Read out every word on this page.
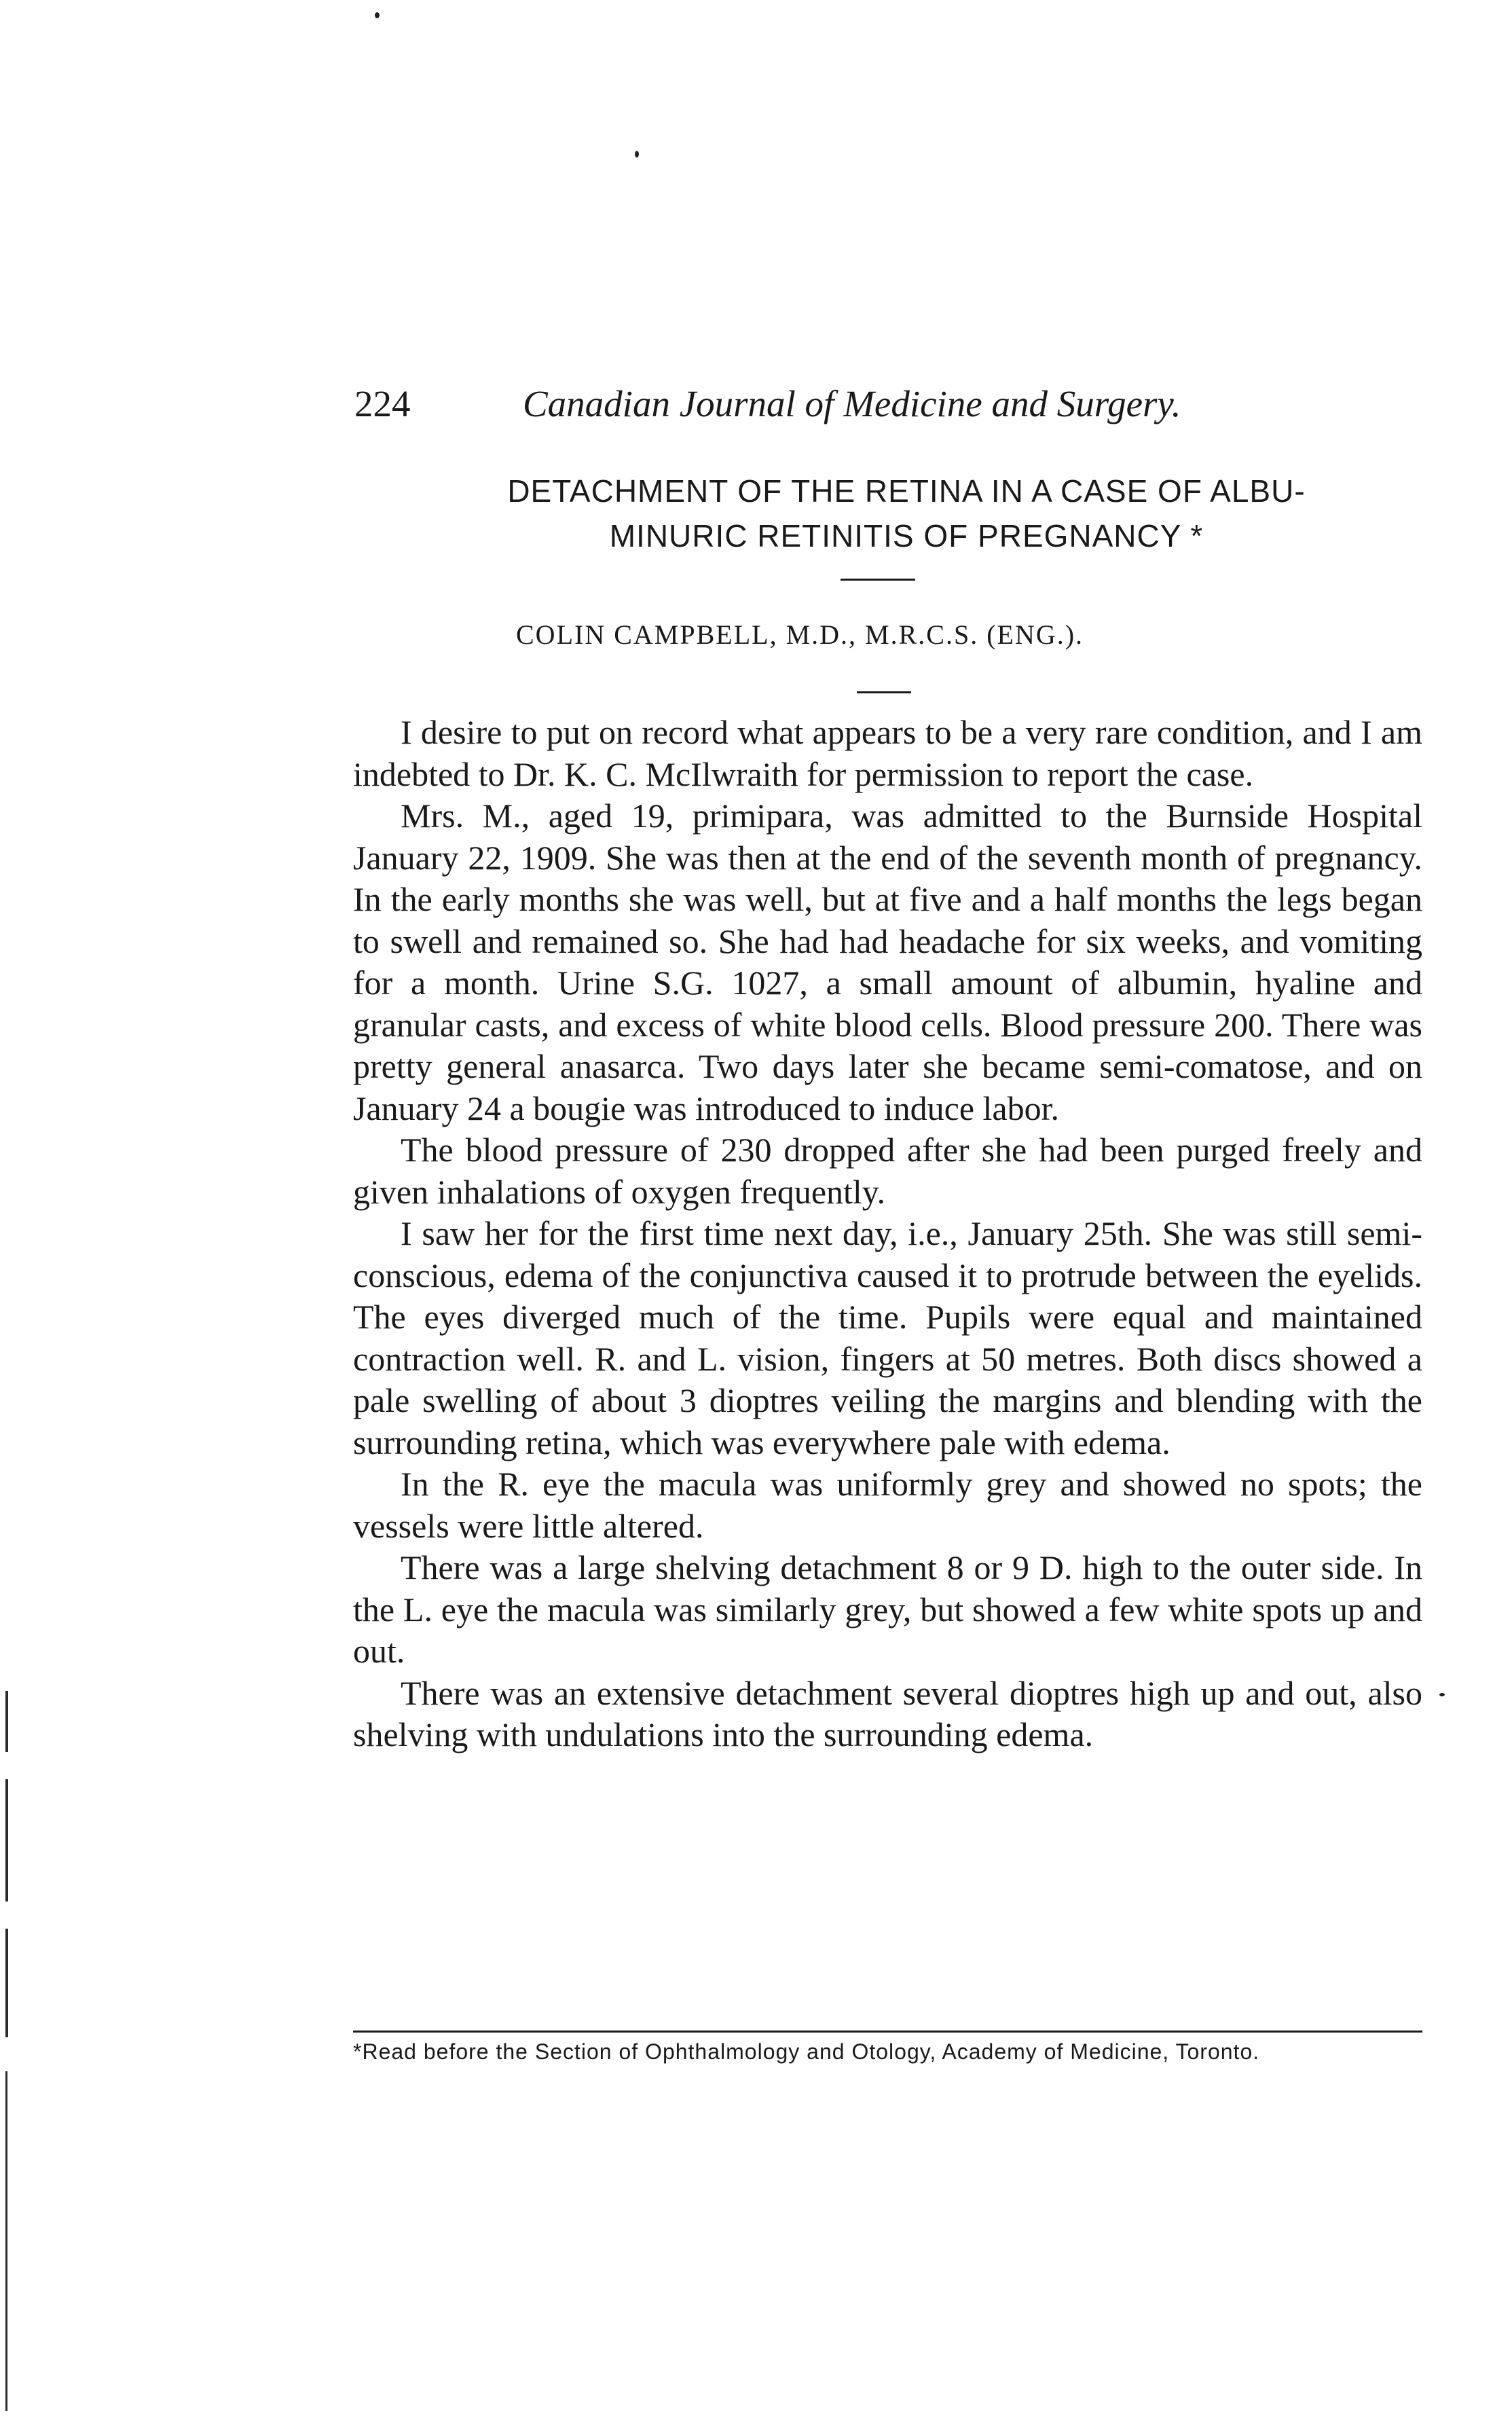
224	Canadian Journal of Medicine and Surgery.
DETACHMENT OF THE RETINA IN A CASE OF ALBU-
MINURIC RETINITIS OF PREGNANCY *
COLIN CAMPBELL, M.D., M.R.C.S. (ENG.).

I desire to put on record what appears to be a very rare condition, and I am indebted to Dr. K. C. McIlwraith for permission to report the case.

Mrs. M., aged 19, primipara, was admitted to the Burnside Hospital January 22, 1909. She was then at the end of the seventh month of pregnancy. In the early months she was well, but at five and a half months the legs began to swell and remained so. She had had headache for six weeks, and vomiting for a month. Urine S.G. 1027, a small amount of albumin, hyaline and granular casts, and excess of white blood cells. Blood pressure 200. There was pretty general anasarca. Two days later she became semi-comatose, and on January 24 a bougie was introduced to induce labor.

The blood pressure of 230 dropped after she had been purged freely and given inhalations of oxygen frequently.

I saw her for the first time next day, i.e., January 25th. She was still semi-conscious, edema of the conjunctiva caused it to protrude between the eyelids. The eyes diverged much of the time. Pupils were equal and maintained contraction well. R. and L. vision, fingers at 50 metres. Both discs showed a pale swelling of about 3 dioptres veiling the margins and blending with the surrounding retina, which was everywhere pale with edema.

In the R. eye the macula was uniformly grey and showed no spots; the vessels were little altered.

There was a large shelving detachment 8 or 9 D. high to the outer side. In the L. eye the macula was similarly grey, but showed a few white spots up and out.

There was an extensive detachment several dioptres high up and out, also shelving with undulations into the surrounding edema.

*Read before the Section of Ophthalmology and Otology, Academy of Medicine, Toronto.
